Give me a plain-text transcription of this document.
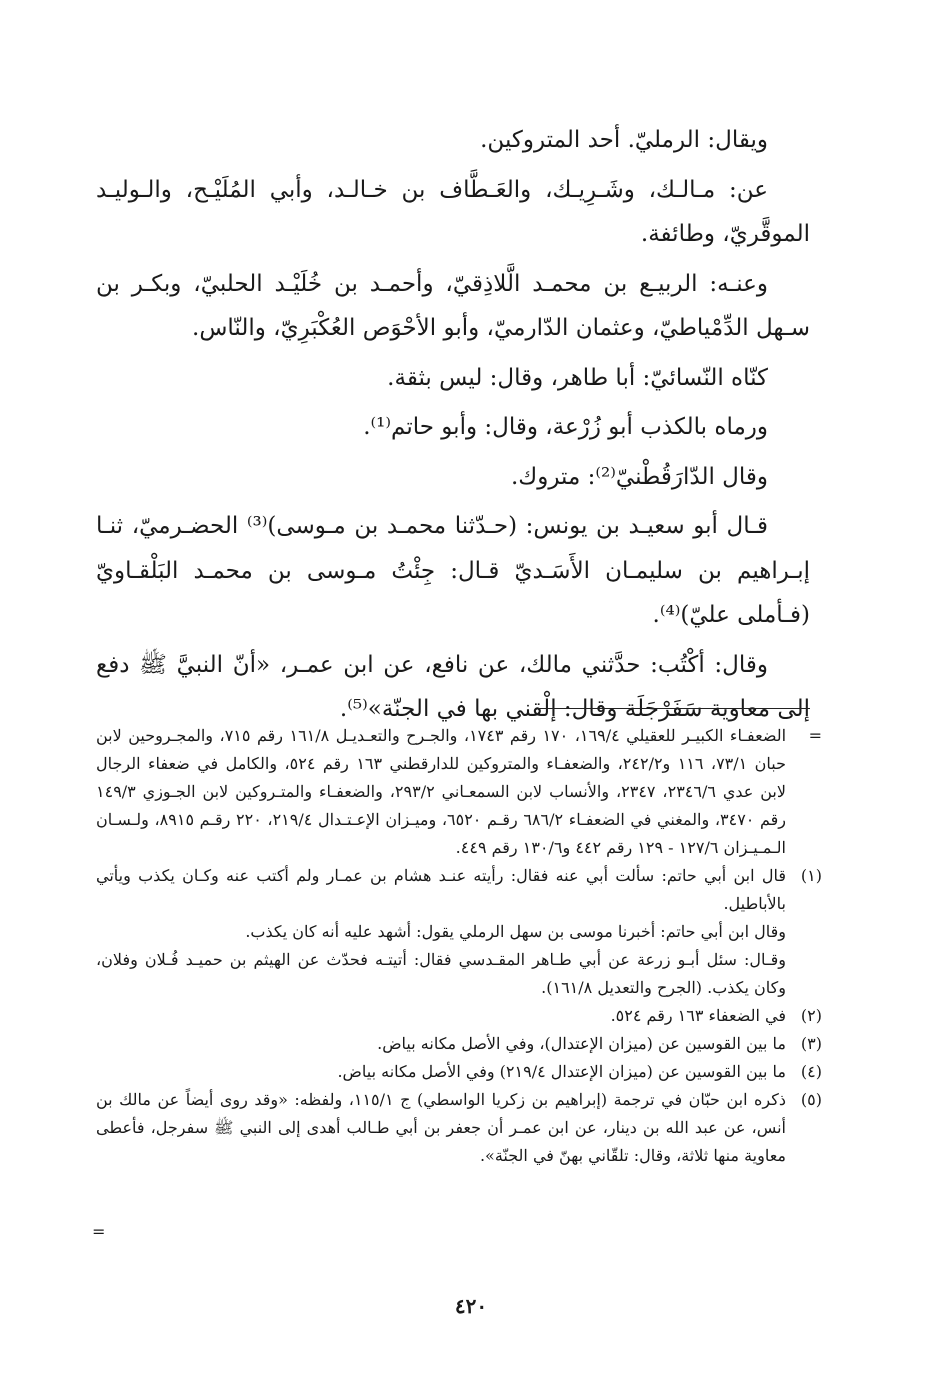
ويقال: الرمليّ. أحد المتروكين.

عن: مـالـك، وشَـرِيـك، والعَـطَّاف بن خـالـد، وأبي المُلَيْـح، والـوليـد الموقَّريّ، وطائفة.

وعنـه: الربيـع بن محمـد الَّلاذِقيّ، وأحمـد بن خُلَيْـد الحلبيّ، وبكـر بن سـهل الدِّمْياطيّ، وعثمان الدّارميّ، وأبو الأحْوَص العُكْبَرِيّ، والنّاس.

كنّاه النّسائيّ: أبا طاهر، وقال: ليس بثقة.

ورماه بالكذب أبو زُرْعة، وقال: وأبو حاتم⁽¹⁾.

وقال الدّارَقُطْنيّ⁽²⁾: متروك.

قـال أبو سعيـد بن يونس: (حـدّثنا محمـد بن مـوسى)⁽³⁾ الحضـرميّ، ثنـا إبـراهيم بن سليمـان الأَسَـديّ قـال: جِئْتُ مـوسى بن محمـد البَلْقـاويّ (فـأملى عليّ)⁽⁴⁾.

وقال: أكْتُب: حدَّثني مالك، عن نافع، عن ابن عمـر، «أنّ النبيَّ ﷺ دفع إلى معاوية سَفَرْجَلَة وقال: إلْقني بها في الجنّة»⁽⁵⁾.

=
الضعفـاء الكبيـر للعقيلي ١٦٩/٤، ١٧٠ رقم ١٧٤٣، والجـرح والتعـديـل ١٦١/٨ رقم ٧١٥، والمجـروحين لابن حبان ٧٣/١، ١١٦ و٢٤٢/٢، والضعفـاء والمتروكين للدارقطني ١٦٣ رقم ٥٢٤، والكامل في ضعفاء الرجال لابن عدي ٢٣٤٦/٦، ٢٣٤٧، والأنساب لابن السمعـاني ٢٩٣/٢، والضعفـاء والمتـروكين لابن الجـوزي ١٤٩/٣ رقم ٣٤٧٠، والمغني في الضعفـاء ٦٨٦/٢ رقـم ٦٥٢٠، وميـزان الإعـتـدال ٢١٩/٤، ٢٢٠ رقـم ٨٩١٥، ولـسـان الـمـيـزان ١٢٧/٦ - ١٢٩ رقم ٤٤٢ و١٣٠/٦ رقم ٤٤٩.
(١)
قال ابن أبي حاتم: سألت أبي عنه فقال: رأيته عنـد هشام بن عمـار ولم أكتب عنه وكـان يكذب ويأتي بالأباطيل.

وقال ابن أبي حاتم: أخبرنا موسى بن سهل الرملي يقول: أشهد عليه أنه كان يكذب.

وقـال: سئل أبـو زرعة عن أبي طـاهر المقـدسي فقال: أتيتـه فحدّث عن الهيثم بن حميـد فُـلان وفلان، وكان يكذب. (الجرح والتعديل ١٦١/٨).

(٢)
في الضعفاء ١٦٣ رقم ٥٢٤.
(٣)
ما بين القوسين عن (ميزان الإعتدال)، وفي الأصل مكانه بياض.
(٤)
ما بين القوسين عن (ميزان الإعتدال ٢١٩/٤) وفي الأصل مكانه بياض.
(٥)
ذكره ابن حبّان في ترجمة (إبراهيم بن زكريا الواسطي) ج ١١٥/١، ولفظه: «وقد روى أيضاً عن مالك بن أنس، عن عبد الله بن دينار، عن ابن عمـر أن جعفر بن أبي طـالب أهدى إلى النبي ﷺ سفرجل، فأعطى معاوية منها ثلاثة، وقال: تلقّاني بهنّ في الجنّة».
=
٤٢٠
